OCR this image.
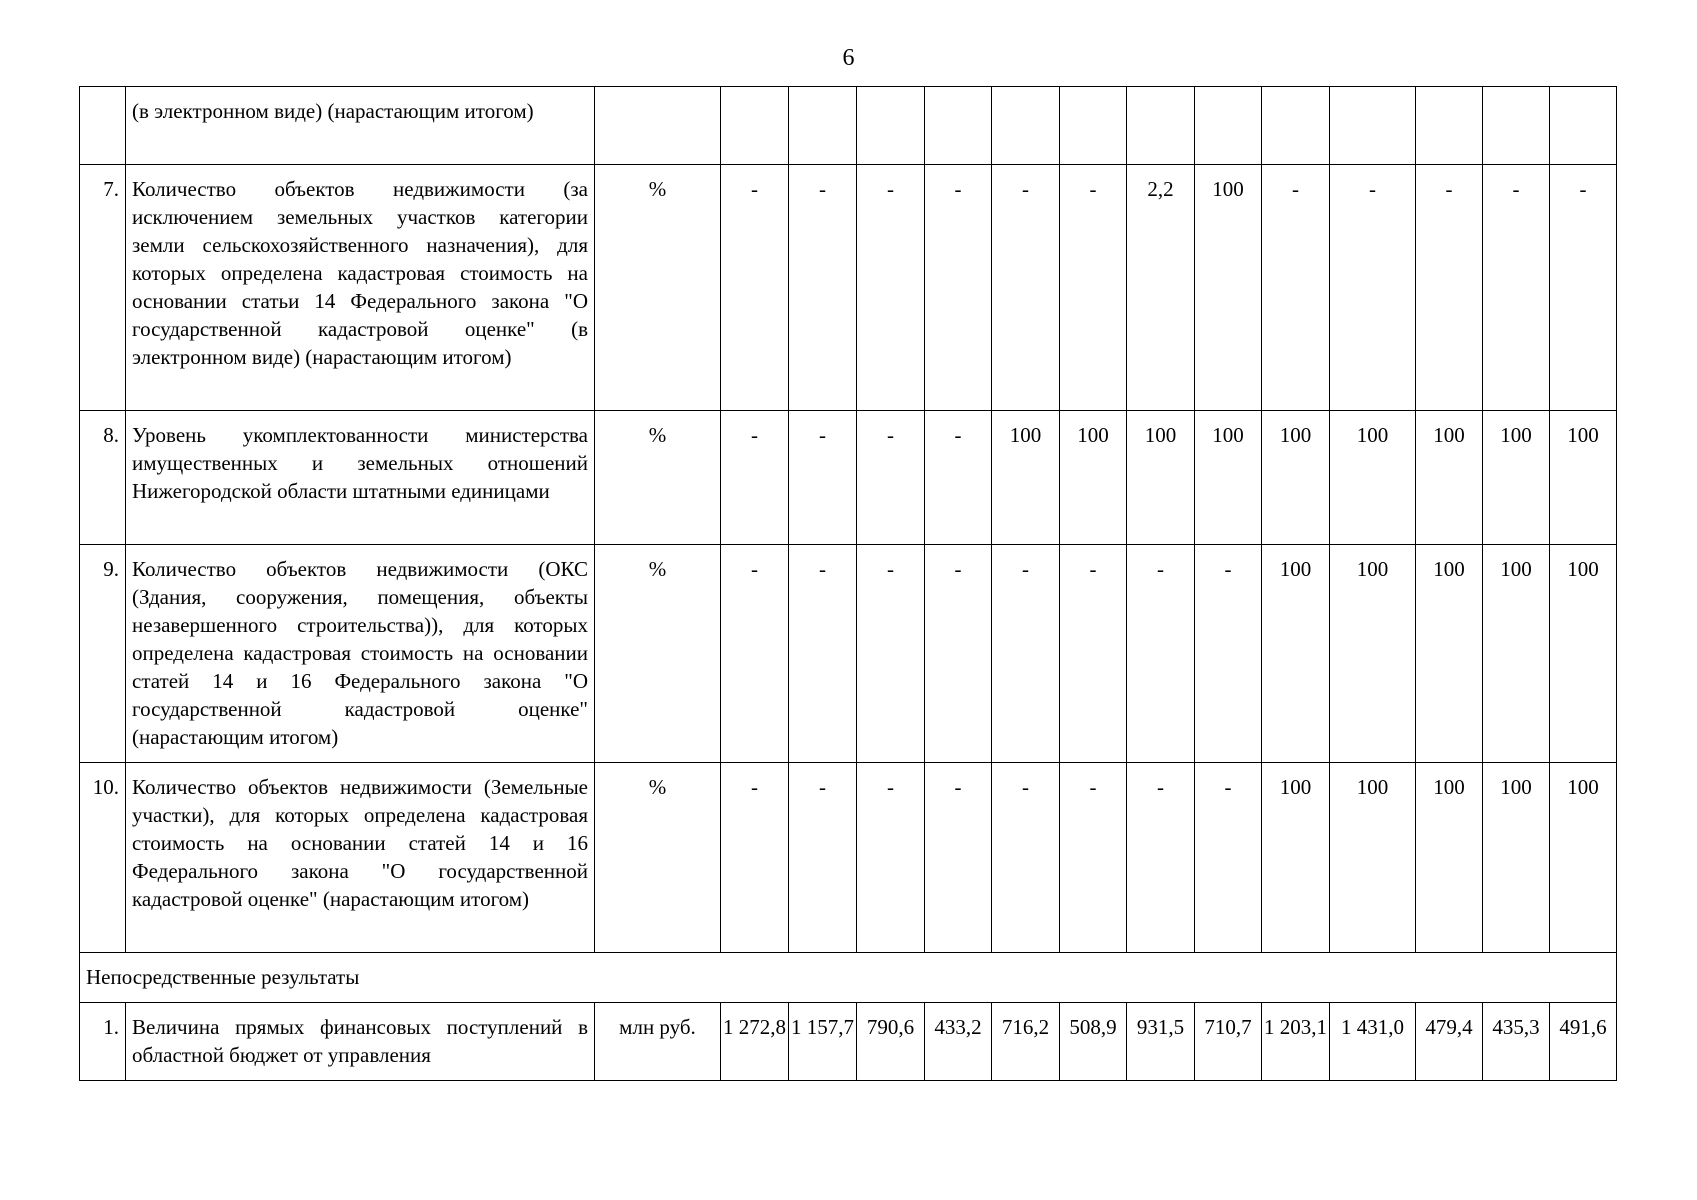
6
	(в электронном виде) (нарастающим итогом)														
7.	Количество объектов недвижимости (за исключением земельных участков категории земли сельскохозяйственного назначения), для которых определена кадастровая стоимость на основании статьи 14 Федерального закона "О государственной кадастровой оценке" (в электронном виде) (нарастающим итогом)	%	-	-	-	-	-	-	2,2	100	-	-	-	-	-
8.	Уровень укомплектованности министерства имущественных и земельных отношений Нижегородской области штатными единицами	%	-	-	-	-	100	100	100	100	100	100	100	100	100
9.	Количество объектов недвижимости (ОКС (Здания, сооружения, помещения, объекты незавершенного строительства)), для которых определена кадастровая стоимость на основании статей 14 и 16 Федерального закона "О государственной кадастровой оценке" (нарастающим итогом)	%	-	-	-	-	-	-	-	-	100	100	100	100	100
10.	Количество объектов недвижимости (Земельные участки), для которых определена кадастровая стоимость на основании статей 14 и 16 Федерального закона "О государственной кадастровой оценке" (нарастающим итогом)	%	-	-	-	-	-	-	-	-	100	100	100	100	100
Непосредственные результаты															
1.	Величина прямых финансовых поступлений в областной бюджет от управления	млн руб.	1 272,8	1 157,7	790,6	433,2	716,2	508,9	931,5	710,7	1 203,1	1 431,0	479,4	435,3	491,6
